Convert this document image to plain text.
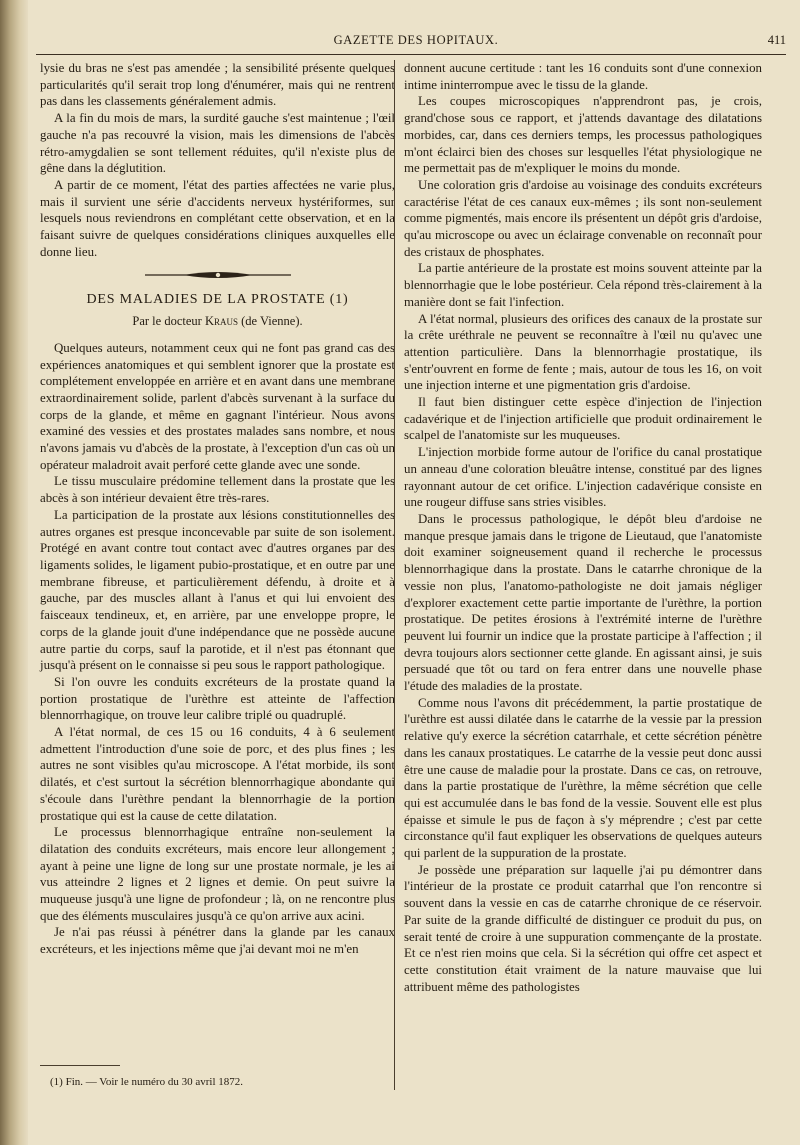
GAZETTE DES HOPITAUX.	411

lysie du bras ne s'est pas amendée ; la sensibilité présente quelques particularités qu'il serait trop long d'énumérer, mais qui ne rentrent pas dans les classements généralement admis.

A la fin du mois de mars, la surdité gauche s'est maintenue ; l'œil gauche n'a pas recouvré la vision, mais les dimensions de l'abcès rétro-amygdalien se sont tellement réduites, qu'il n'existe plus de gêne dans la déglutition.

A partir de ce moment, l'état des parties affectées ne varie plus, mais il survient une série d'accidents nerveux hystériformes, sur lesquels nous reviendrons en complétant cette observation, et en la faisant suivre de quelques considérations cliniques auxquelles elle donne lieu.

DES MALADIES DE LA PROSTATE (1)
Par le docteur Kraus (de Vienne).

Quelques auteurs, notamment ceux qui ne font pas grand cas des expériences anatomiques et qui semblent ignorer que la prostate est complétement enveloppée en arrière et en avant dans une membrane extraordinairement solide, parlent d'abcès survenant à la surface du corps de la glande, et même en gagnant l'intérieur. Nous avons examiné des vessies et des prostates malades sans nombre, et nous n'avons jamais vu d'abcès de la prostate, à l'exception d'un cas où un opérateur maladroit avait perforé cette glande avec une sonde.

Le tissu musculaire prédomine tellement dans la prostate que les abcès à son intérieur devaient être très-rares.

La participation de la prostate aux lésions constitutionnelles des autres organes est presque inconcevable par suite de son isolement. Protégé en avant contre tout contact avec d'autres organes par des ligaments solides, le ligament pubio-prostatique, et en outre par une membrane fibreuse, et particulièrement défendu, à droite et à gauche, par des muscles allant à l'anus et qui lui envoient des faisceaux tendineux, et, en arrière, par une enveloppe propre, le corps de la glande jouit d'une indépendance que ne possède aucune autre partie du corps, sauf la parotide, et il n'est pas étonnant que jusqu'à présent on le connaisse si peu sous le rapport pathologique.

Si l'on ouvre les conduits excréteurs de la prostate quand la portion prostatique de l'urèthre est atteinte de l'affection blennorrhagique, on trouve leur calibre triplé ou quadruplé.

A l'état normal, de ces 15 ou 16 conduits, 4 à 6 seulement admettent l'introduction d'une soie de porc, et des plus fines ; les autres ne sont visibles qu'au microscope. A l'état morbide, ils sont dilatés, et c'est surtout la sécrétion blennorrhagique abondante qui s'écoule dans l'urèthre pendant la blennorrhagie de la portion prostatique qui est la cause de cette dilatation.

Le processus blennorrhagique entraîne non-seulement la dilatation des conduits excréteurs, mais encore leur allongement ; ayant à peine une ligne de long sur une prostate normale, je les ai vus atteindre 2 lignes et 2 lignes et demie. On peut suivre la muqueuse jusqu'à une ligne de profondeur ; là, on ne rencontre plus que des éléments musculaires jusqu'à ce qu'on arrive aux acini.

Je n'ai pas réussi à pénétrer dans la glande par les canaux excréteurs, et les injections même que j'ai devant moi ne m'en

donnent aucune certitude : tant les 16 conduits sont d'une connexion intime ininterrompue avec le tissu de la glande.

Les coupes microscopiques n'apprendront pas, je crois, grand'chose sous ce rapport, et j'attends davantage des dilatations morbides, car, dans ces derniers temps, les processus pathologiques m'ont éclairci bien des choses sur lesquelles l'état physiologique ne me permettait pas de m'expliquer le moins du monde.

Une coloration gris d'ardoise au voisinage des conduits excréteurs caractérise l'état de ces canaux eux-mêmes ; ils sont non-seulement comme pigmentés, mais encore ils présentent un dépôt gris d'ardoise, qu'au microscope ou avec un éclairage convenable on reconnaît pour des cristaux de phosphates.

La partie antérieure de la prostate est moins souvent atteinte par la blennorrhagie que le lobe postérieur. Cela répond très-clairement à la manière dont se fait l'infection.

A l'état normal, plusieurs des orifices des canaux de la prostate sur la crête uréthrale ne peuvent se reconnaître à l'œil nu qu'avec une attention particulière. Dans la blennorrhagie prostatique, ils s'entr'ouvrent en forme de fente ; mais, autour de tous les 16, on voit une injection interne et une pigmentation gris d'ardoise.

Il faut bien distinguer cette espèce d'injection de l'injection cadavérique et de l'injection artificielle que produit ordinairement le scalpel de l'anatomiste sur les muqueuses.

L'injection morbide forme autour de l'orifice du canal prostatique un anneau d'une coloration bleuâtre intense, constitué par des lignes rayonnant autour de cet orifice. L'injection cadavérique consiste en une rougeur diffuse sans stries visibles.

Dans le processus pathologique, le dépôt bleu d'ardoise ne manque presque jamais dans le trigone de Lieutaud, que l'anatomiste doit examiner soigneusement quand il recherche le processus blennorrhagique dans la prostate. Dans le catarrhe chronique de la vessie non plus, l'anatomo-pathologiste ne doit jamais négliger d'explorer exactement cette partie importante de l'urèthre, la portion prostatique. De petites érosions à l'extrémité interne de l'urèthre peuvent lui fournir un indice que la prostate participe à l'affection ; il devra toujours alors sectionner cette glande. En agissant ainsi, je suis persuadé que tôt ou tard on fera entrer dans une nouvelle phase l'étude des maladies de la prostate.

Comme nous l'avons dit précédemment, la partie prostatique de l'urèthre est aussi dilatée dans le catarrhe de la vessie par la pression relative qu'y exerce la sécrétion catarrhale, et cette sécrétion pénètre dans les canaux prostatiques. Le catarrhe de la vessie peut donc aussi être une cause de maladie pour la prostate. Dans ce cas, on retrouve, dans la partie prostatique de l'urèthre, la même sécrétion que celle qui est accumulée dans le bas fond de la vessie. Souvent elle est plus épaisse et simule le pus de façon à s'y méprendre ; c'est par cette circonstance qu'il faut expliquer les observations de quelques auteurs qui parlent de la suppuration de la prostate.

Je possède une préparation sur laquelle j'ai pu démontrer dans l'intérieur de la prostate ce produit catarrhal que l'on rencontre si souvent dans la vessie en cas de catarrhe chronique de ce réservoir. Par suite de la grande difficulté de distinguer ce produit du pus, on serait tenté de croire à une suppuration commençante de la prostate. Et ce n'est rien moins que cela. Si la sécrétion qui offre cet aspect et cette constitution était vraiment de la nature mauvaise que lui attribuent même des pathologistes

(1) Fin. — Voir le numéro du 30 avril 1872.
